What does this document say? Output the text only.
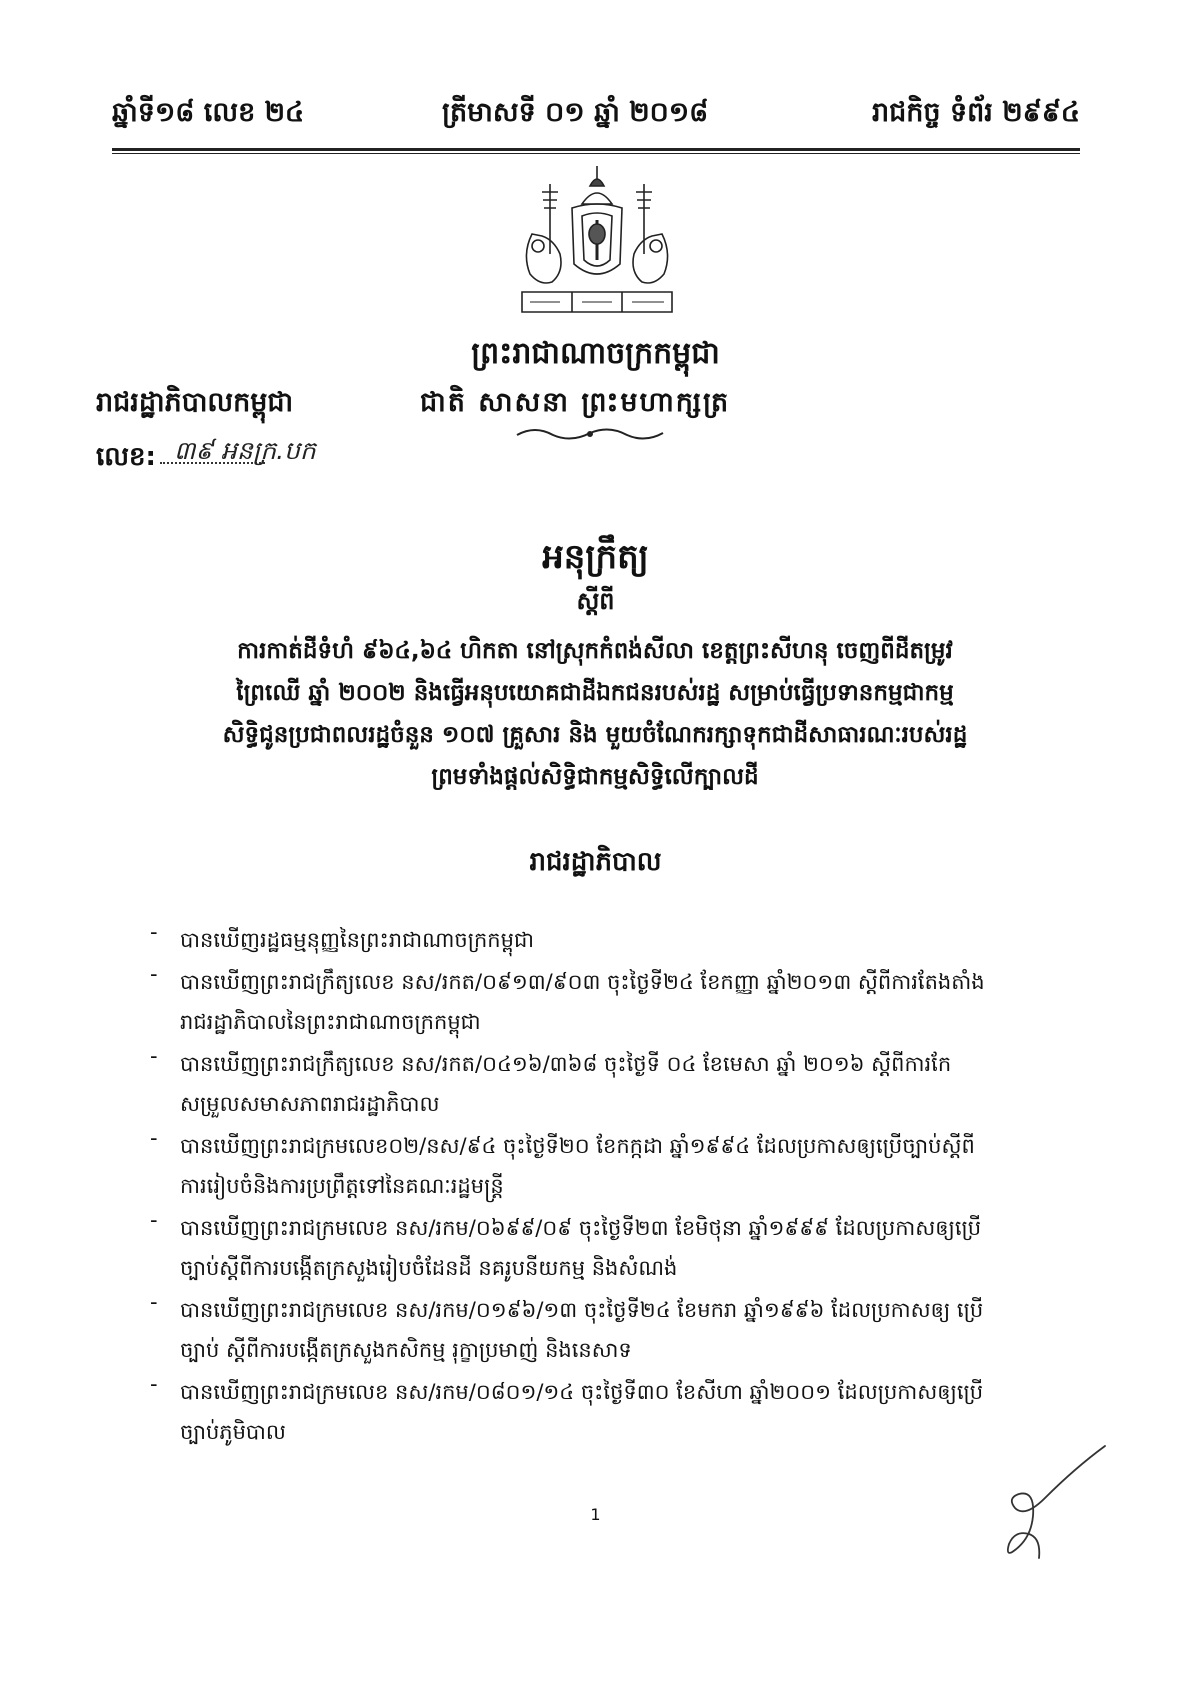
ឆ្នាំទី១៨ លេខ ២៤	ត្រីមាសទី ០១ ឆ្នាំ ២០១៨	រាជកិច្ច ទំព័រ ២៩៩៤
ព្រះរាជាណាចក្រកម្ពុជា
រាជរដ្ឋាភិបាលកម្ពុជា	ជាតិ សាសនា ព្រះមហាក្សត្រ
លេខ: ៣៩ អនក្រ.បក
អនុក្រឹត្យ
ស្តីពី
ការកាត់ដីទំហំ ៩៦៤,៦៤ ហិកតា នៅស្រុកកំពង់សីលា ខេត្តព្រះសីហនុ ចេញពីដីតម្រូវ
ព្រៃឈើ ឆ្នាំ ២០០២ និងធ្វើអនុបយោគជាដីឯកជនរបស់រដ្ឋ សម្រាប់ធ្វើប្រទានកម្មជាកម្ម
សិទ្ធិជូនប្រជាពលរដ្ឋចំនួន ១០៧ គ្រួសារ និង មួយចំណែករក្សាទុកជាដីសាធារណៈរបស់រដ្ឋ
ព្រមទាំងផ្តល់សិទ្ធិជាកម្មសិទ្ធិលើក្បាលដី
រាជរដ្ឋាភិបាល
-	បានឃើញរដ្ឋធម្មនុញ្ញនៃព្រះរាជាណាចក្រកម្ពុជា
-	បានឃើញព្រះរាជក្រឹត្យលេខ នស/រកត/០៩១៣/៩០៣ ចុះថ្ងៃទី២៤ ខែកញ្ញា ឆ្នាំ២០១៣ ស្តីពីការតែងតាំង
រាជរដ្ឋាភិបាលនៃព្រះរាជាណាចក្រកម្ពុជា
-	បានឃើញព្រះរាជក្រឹត្យលេខ នស/រកត/០៤១៦/៣៦៨ ចុះថ្ងៃទី ០៤ ខែមេសា ឆ្នាំ ២០១៦ ស្តីពីការកែ
សម្រួលសមាសភាពរាជរដ្ឋាភិបាល
-	បានឃើញព្រះរាជក្រមលេខ០២/នស/៩៤ ចុះថ្ងៃទី២០ ខែកក្កដា ឆ្នាំ១៩៩៤ ដែលប្រកាសឲ្យប្រើច្បាប់ស្តីពី
ការរៀបចំនិងការប្រព្រឹត្តទៅនៃគណៈរដ្ឋមន្ត្រី
-	បានឃើញព្រះរាជក្រមលេខ នស/រកម/០៦៩៩/០៩ ចុះថ្ងៃទី២៣ ខែមិថុនា ឆ្នាំ១៩៩៩ ដែលប្រកាសឲ្យប្រើ
ច្បាប់ស្តីពីការបង្កើតក្រសួងរៀបចំដែនដី នគរូបនីយកម្ម និងសំណង់
-	បានឃើញព្រះរាជក្រមលេខ នស/រកម/០១៩៦/១៣ ចុះថ្ងៃទី២៤ ខែមករា ឆ្នាំ១៩៩៦ ដែលប្រកាសឲ្យ ប្រើ
ច្បាប់ ស្តីពីការបង្កើតក្រសួងកសិកម្ម រុក្ខាប្រមាញ់ និងនេសាទ
-	បានឃើញព្រះរាជក្រមលេខ នស/រកម/០៨០១/១៤ ចុះថ្ងៃទី៣០ ខែសីហា ឆ្នាំ២០០១ ដែលប្រកាសឲ្យប្រើ
ច្បាប់ភូមិបាល
1
